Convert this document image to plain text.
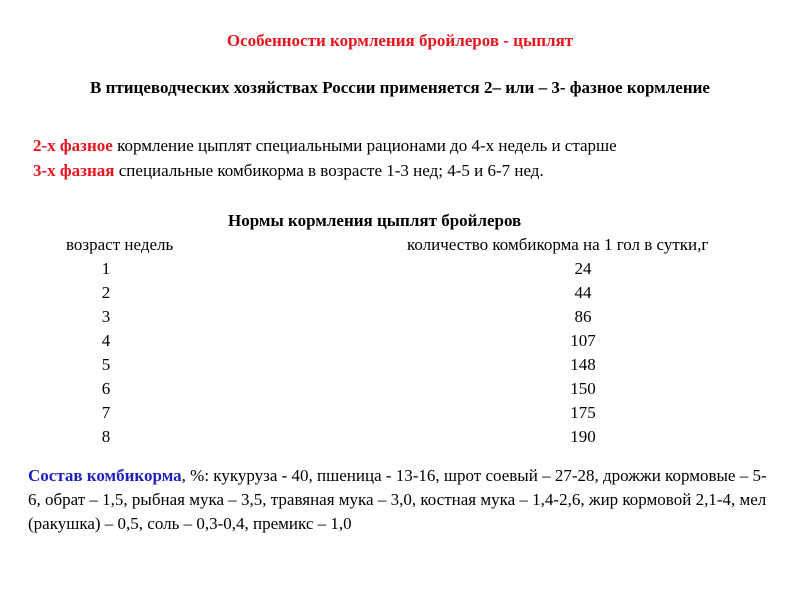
Особенности кормления бройлеров - цыплят
В птицеводческих хозяйствах России применяется 2– или – 3- фазное кормление
2-х фазное кормление цыплят специальными рационами до 4-х недель и старше
3-х фазная специальные комбикорма в возрасте 1-3 нед; 4-5 и 6-7 нед.
Нормы кормления цыплят бройлеров
возраст недель	количество комбикорма на 1 гол в сутки,г
1	24
2	44
3	86
4	107
5	148
6	150
7	175
8	190
Состав комбикорма, %: кукуруза - 40, пшеница - 13-16, шрот соевый – 27-28, дрожжи кормовые – 5-6, обрат – 1,5, рыбная мука – 3,5, травяная мука – 3,0, костная мука – 1,4-2,6, жир кормовой 2,1-4, мел (ракушка) – 0,5, соль – 0,3-0,4, премикс – 1,0
